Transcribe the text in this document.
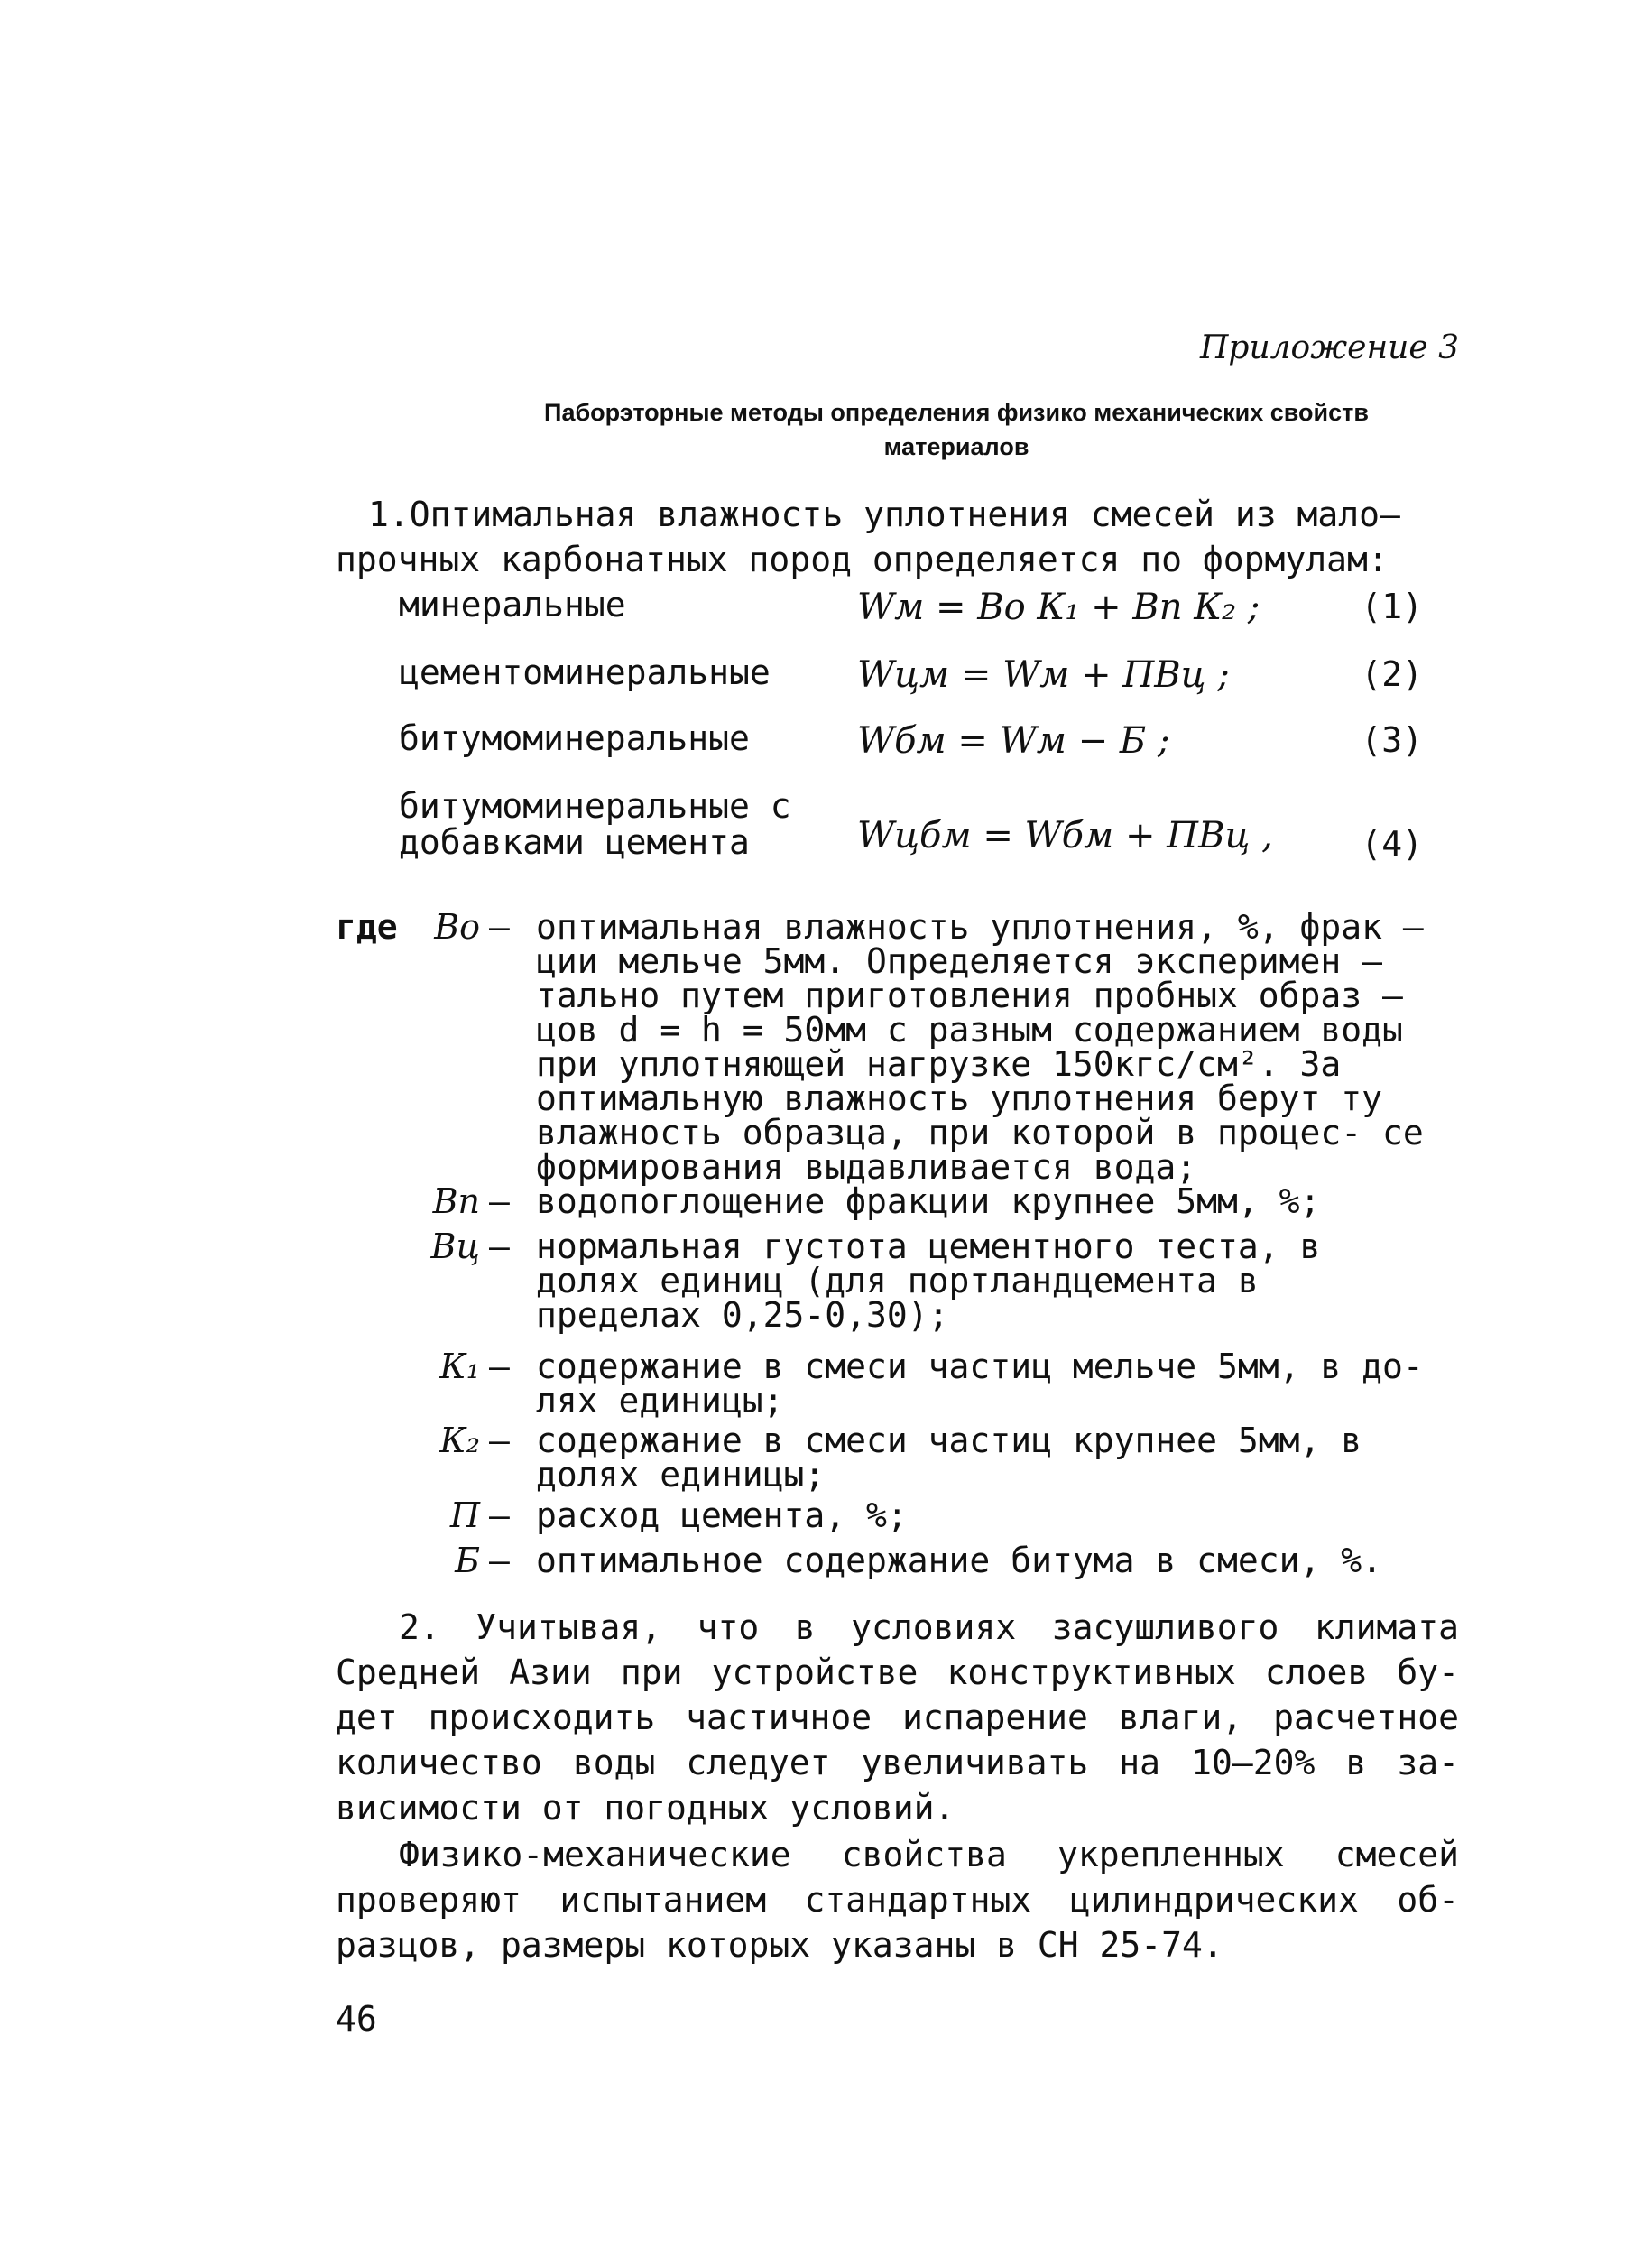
Приложение 3
Паборэторные методы определения физико механических свойств
материалов
1.Оптимальная влажность уплотнения смесей из мало–
прочных карбонатных пород определяется по формулам:
минеральные	Wм = Во К₁ + Вп К₂ ;	(1)
цементоминеральные Wцм = Wм + ПВц ;	(2)
битумоминеральные	Wбм = Wм − Б ;	(3)
битумоминеральные с добавками цемента	Wцбм = Wбм + ПВц ,	(4)
где	Во – оптимальная влажность уплотнения, %, фрак – ции мельче 5мм. Определяется эксперимен – тально путем приготовления пробных образ – цов d = h = 50мм с разным содержанием воды при уплотняющей нагрузке 150кгс/см². За оптимальную влажность уплотнения берут ту влажность образца, при которой в процес- се формирования выдавливается вода;
Вп – водопоглощение фракции крупнее 5мм, %;
Вц – нормальная густота цементного теста, в долях единиц (для портландцемента в пределах 0,25-0,30);
К₁ – содержание в смеси частиц мельче 5мм, в до- лях единицы;
К₂ – содержание в смеси частиц крупнее 5мм, в долях единицы;
П – расход цемента, %;
Б — оптимальное содержание битума в смеси, %.
2. Учитывая, что в условиях засушливого климата Средней Азии при устройстве конструктивных слоев бу- дет происходить частичное испарение влаги, расчетное количество воды следует увеличивать на 10–20% в за- висимости от погодных условий.
Физико-механические свойства укрепленных смесей проверяют испытанием стандартных цилиндрических об- разцов, размеры которых указаны в СН 25-74.
46
